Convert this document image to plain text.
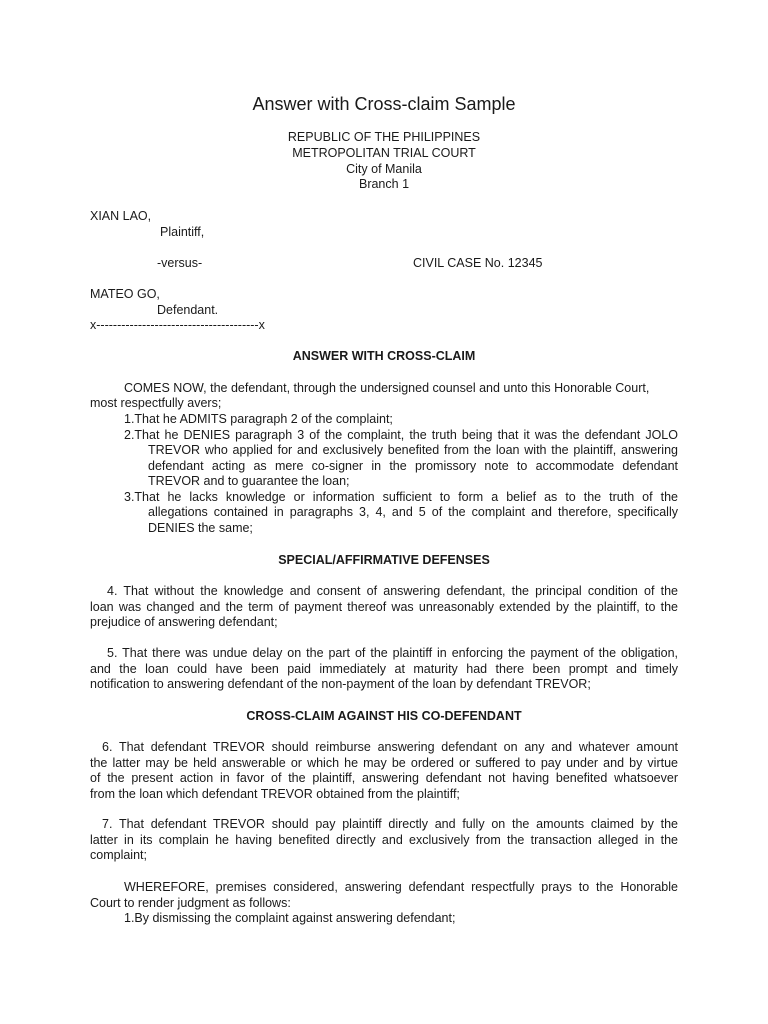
Answer with Cross-claim Sample
REPUBLIC OF THE PHILIPPINES
METROPOLITAN TRIAL COURT
City of Manila
Branch 1
XIAN LAO,
Plaintiff,
-versus-	CIVIL CASE No. 12345
MATEO GO,
Defendant.
x---------------------------------------x
ANSWER WITH CROSS-CLAIM
COMES NOW, the defendant, through the undersigned counsel and unto this Honorable Court,
most respectfully avers;
1.That he ADMITS paragraph 2 of the complaint;
2.That he DENIES paragraph 3 of the complaint, the truth being that it was the defendant JOLO
TREVOR who applied for and exclusively benefited from the loan with the plaintiff, answering
defendant acting as mere co-signer in the promissory note to accommodate defendant
TREVOR and to guarantee the loan;
3.That he lacks knowledge or information sufficient to form a belief as to the truth of the
allegations contained in paragraphs 3, 4, and 5 of the complaint and therefore, specifically
DENIES the same;
SPECIAL/AFFIRMATIVE DEFENSES
4. That without the knowledge and consent of answering defendant, the principal condition of the
loan was changed and the term of payment thereof was unreasonably extended by the plaintiff, to the
prejudice of answering defendant;
5. That there was undue delay on the part of the plaintiff in enforcing the payment of the obligation,
and the loan could have been paid immediately at maturity had there been prompt and timely
notification to answering defendant of the non-payment of the loan by defendant TREVOR;
CROSS-CLAIM AGAINST HIS CO-DEFENDANT
6. That defendant TREVOR should reimburse answering defendant on any and whatever amount
the latter may be held answerable or which he may be ordered or suffered to pay under and by virtue
of the present action in favor of the plaintiff, answering defendant not having benefited whatsoever
from the loan which defendant TREVOR obtained from the plaintiff;
7. That defendant TREVOR should pay plaintiff directly and fully on the amounts claimed by the
latter in its complain he having benefited directly and exclusively from the transaction alleged in the
complaint;
WHEREFORE, premises considered, answering defendant respectfully prays to the Honorable
Court to render judgment as follows:
1.By dismissing the complaint against answering defendant;
